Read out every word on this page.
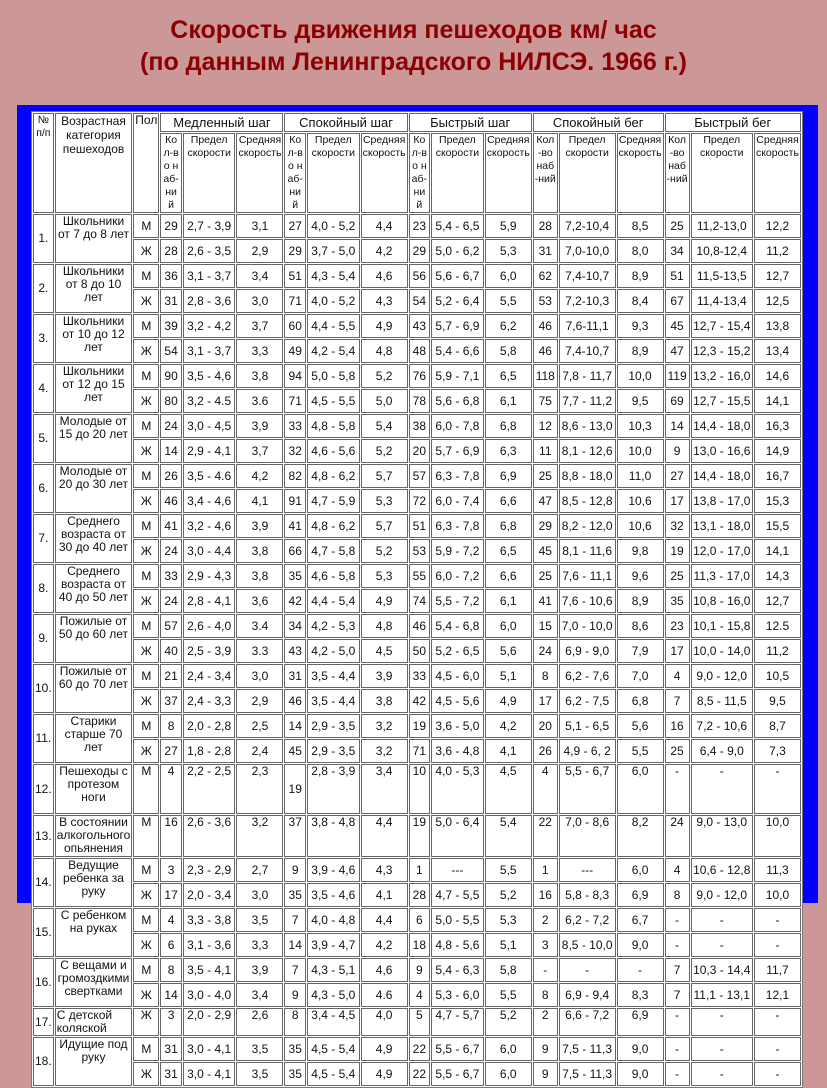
Скорость движения пешеходов км/ час
(по данным Ленинградского НИЛСЭ. 1966 г.)
№ п/п	Возрастная категория пешеходов	Пол	Медленный шаг			Спокойный шаг			Быстрый шаг			Спокойный бег			Быстрый бег		
			Кол-во наб-ний	Предел скорости	Средняя скорость	Кол-во наб-ний	Предел скорости	Средняя скорость	Кол-во наб-ний	Предел скорости	Средняя скорость	Кол-во наб-ний	Предел скорости	Средняя скорость	Кол-во наб-ний	Предел скорости	Средняя скорость
1.	Школьники от 7 до 8 лет	М	29	2,7 - 3,9	3,1	27	4,0 - 5,2	4,4	23	5,4 - 6,5	5,9	28	7,2-10,4	8,5	25	11,2-13,0	12,2
		Ж	28	2,6 - 3,5	2,9	29	3,7 - 5,0	4,2	29	5,0 - 6,2	5,3	31	7,0-10,0	8,0	34	10,8-12,4	11,2
2.	Школьники от 8 до 10 лет	М	36	3,1 - 3,7	3,4	51	4,3 - 5,4	4,6	56	5,6 - 6,7	6,0	62	7,4-10,7	8,9	51	11,5-13,5	12,7
		Ж	31	2,8 - 3,6	3,0	71	4,0 - 5,2	4,3	54	5,2 - 6,4	5,5	53	7,2-10,3	8,4	67	11,4-13,4	12,5
3.	Школьники от 10 до 12 лет	М	39	3,2 - 4,2	3,7	60	4,4 - 5,5	4,9	43	5,7 - 6,9	6,2	46	7,6-11,1	9,3	45	12,7 - 15,4	13,8
		Ж	54	3,1 - 3,7	3,3	49	4,2 - 5,4	4,8	48	5,4 - 6,6	5,8	46	7,4-10,7	8,9	47	12,3 - 15,2	13,4
4.	Школьники от 12 до 15 лет	М	90	3,5 - 4,6	3,8	94	5,0 - 5,8	5,2	76	5,9 - 7,1	6,5	118	7,8 - 11,7	10,0	119	13,2 - 16,0	14,6
		Ж	80	3,2 - 4.5	3.6	71	4,5 - 5,5	5,0	78	5,6 - 6,8	6,1	75	7,7 - 11,2	9,5	69	12,7 - 15,5	14,1
5.	Молодые от 15 до 20 лет	М	24	3,0 - 4,5	3,9	33	4,8 - 5,8	5,4	38	6,0 - 7,8	6,8	12	8,6 - 13,0	10,3	14	14,4 - 18,0	16,3
		Ж	14	2,9 - 4,1	3,7	32	4,6 - 5,6	5,2	20	5,7 - 6,9	6,3	11	8,1 - 12,6	10,0	9	13,0 - 16,6	14,9
6.	Молодые от 20 до 30 лет	М	26	3,5 - 4.6	4,2	82	4,8 - 6,2	5,7	57	6,3 - 7,8	6,9	25	8,8 - 18,0	11,0	27	14,4 - 18,0	16,7
		Ж	46	3,4 - 4,6	4,1	91	4,7 - 5,9	5,3	72	6,0 - 7,4	6,6	47	8,5 - 12,8	10,6	17	13,8 - 17,0	15,3
7.	Среднего возраста от 30 до 40 лет	М	41	3,2 - 4,6	3,9	41	4,8 - 6,2	5,7	51	6,3 - 7,8	6,8	29	8,2 - 12,0	10,6	32	13,1 - 18,0	15,5
		Ж	24	3,0 - 4,4	3,8	66	4,7 - 5,8	5,2	53	5,9 - 7,2	6,5	45	8,1 - 11,6	9,8	19	12,0 - 17,0	14,1
8.	Среднего возраста от 40 до 50 лет	М	33	2,9 - 4,3	3,8	35	4,6 - 5,8	5,3	55	6,0 - 7,2	6,6	25	7,6 - 11,1	9,6	25	11,3 - 17,0	14,3
		Ж	24	2,8 - 4,1	3,6	42	4,4 - 5,4	4,9	74	5,5 - 7,2	6,1	41	7,6 - 10,6	8,9	35	10,8 - 16,0	12,7
9.	Пожилые от 50 до 60 лет	М	57	2,6 - 4,0	3.4	34	4,2 - 5,3	4,8	46	5,4 - 6,8	6,0	15	7,0 - 10,0	8,6	23	10,1 - 15,8	12.5
		Ж	40	2,5 - 3,9	3.3	43	4,2 - 5,0	4,5	50	5,2 - 6,5	5,6	24	6,9 - 9,0	7,9	17	10,0 - 14,0	11,2
10.	Пожилые от 60 до 70 лет	М	21	2,4 - 3,4	3,0	31	3,5 - 4,4	3,9	33	4,5 - 6,0	5,1	8	6,2 - 7,6	7,0	4	9,0 - 12,0	10,5
		Ж	37	2,4 - 3,3	2,9	46	3,5 - 4,4	3,8	42	4,5 - 5,6	4,9	17	6,2 - 7,5	6,8	7	8,5 - 11,5	9,5
11.	Старики старше 70 лет	М	8	2,0 - 2,8	2,5	14	2,9 - 3,5	3,2	19	3,6 - 5,0	4,2	20	5,1 - 6,5	5,6	16	7,2 - 10,6	8,7
		Ж	27	1,8 - 2,8	2,4	45	2,9 - 3,5	3,2	71	3,6 - 4,8	4,1	26	4,9 - 6, 2	5,5	25	6,4 - 9,0	7,3
12.	Пешеходы с протезом ноги	М	4	2,2 - 2,5	2,3	19	2,8 - 3,9	3,4	10	4,0 - 5,3	4,5	4	5,5 - 6,7	6,0	-	-	-
13.	В состоянии алкогольного опьянения	М	16	2,6 - 3,6	3,2	37	3,8 - 4,8	4,4	19	5,0 - 6,4	5,4	22	7,0 - 8,6	8,2	24	9,0 - 13,0	10,0
14.	Ведущие ребенка за руку	М	3	2,3 - 2,9	2,7	9	3,9 - 4,6	4,3	1	---	5,5	1	---	6,0	4	10,6 - 12,8	11,3
		Ж	17	2,0 - 3,4	3,0	35	3,5 - 4,6	4,1	28	4,7 - 5,5	5,2	16	5,8 - 8,3	6,9	8	9,0 - 12,0	10,0
15.	С ребенком на руках	М	4	3,3 - 3,8	3,5	7	4,0 - 4,8	4,4	6	5,0 - 5,5	5,3	2	6,2 - 7,2	6,7	-	-	-
		Ж	6	3,1 - 3,6	3,3	14	3,9 - 4,7	4,2	18	4,8 - 5,6	5,1	3	8,5 - 10,0	9,0	-	-	-
16.	С вещами и громоздкими свертками	М	8	3,5 - 4,1	3,9	7	4,3 - 5,1	4,6	9	5,4 - 6,3	5,8	-	-	-	7	10,3 - 14,4	11,7
		Ж	14	3,0 - 4,0	3,4	9	4,3 - 5,0	4.6	4	5,3 - 6,0	5,5	8	6,9 - 9,4	8,3	7	11,1 - 13,1	12,1
17.	С детской коляской	Ж	3	2,0 - 2,9	2,6	8	3,4 - 4,5	4,0	5	4,7 - 5,7	5,2	2	6,6 - 7,2	6,9	-	-	-
18.	Идущие под руку	М	31	3,0 - 4,1	3,5	35	4,5 - 5,4	4,9	22	5,5 - 6,7	6,0	9	7,5 - 11,3	9,0	-	-	-
		Ж	31	3,0 - 4,1	3,5	35	4,5 - 5,4	4,9	22	5,5 - 6,7	6,0	9	7,5 - 11,3	9,0	-	-	-
